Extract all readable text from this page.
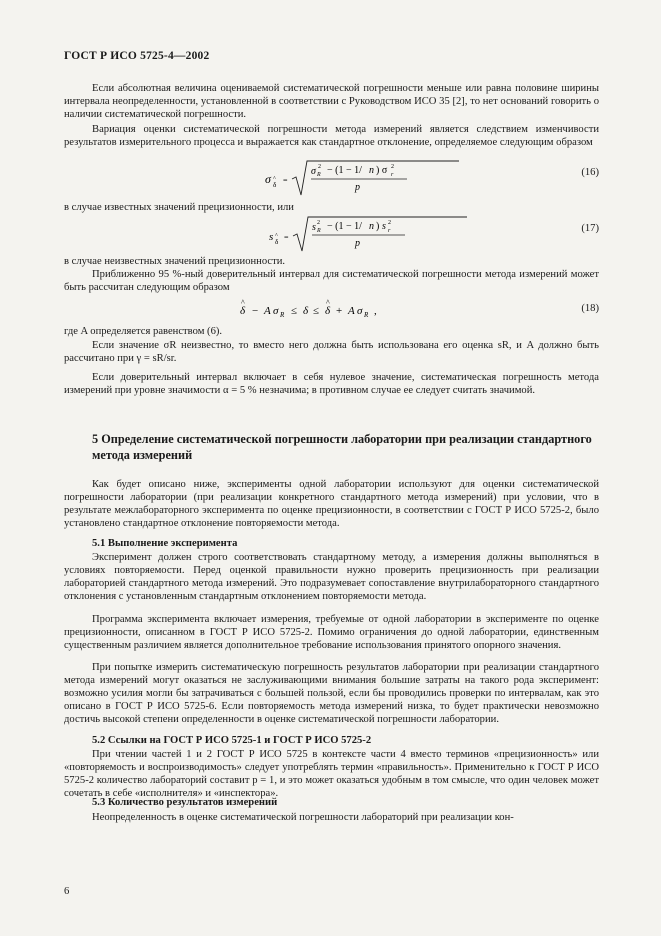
ГОСТ Р ИСО 5725-4—2002
Если абсолютная величина оцениваемой систематической погрешности меньше или равна половине ширины интервала неопределенности, установленной в соответствии с Руководством ИСО 35 [2], то нет оснований говорить о наличии систематической погрешности.
Вариация оценки систематической погрешности метода измерений является следствием изменчивости результатов измерительного процесса и выражается как стандартное отклонение, определяемое следующим образом
σ δ
^ =
σ R
2 − (1 − 1/ n ) σ r
2
p
(16)
в случае известных значений прецизионности, или
s δ
^ =
s R
2 − (1 − 1/ n ) s r
2
p
(17)
в случае неизвестных значений прецизионности.
Приближенно 95 %-ный доверительный интервал для систематической погрешности метода измерений может быть рассчитан следующим образом
δ
^
− A σ R ≤ δ ≤ δ
^
+ A σ R ,	(18)
где A определяется равенством (6).
Если значение σR неизвестно, то вместо него должна быть использована его оценка sR, и A должно быть рассчитано при γ = sR/sr.
Если доверительный интервал включает в себя нулевое значение, систематическая погрешность метода измерений при уровне значимости α = 5 % незначима; в противном случае ее следует считать значимой.
5 Определение систематической погрешности лаборатории при реализации стандартного метода измерений
Как будет описано ниже, эксперименты одной лаборатории используют для оценки систематической погрешности лаборатории (при реализации конкретного стандартного метода измерений) при условии, что в результате межлабораторного эксперимента по оценке прецизионности, в соответствии с ГОСТ Р ИСО 5725-2, было установлено стандартное отклонение повторяемости метода.
5.1 Выполнение эксперимента
Эксперимент должен строго соответствовать стандартному методу, а измерения должны выполняться в условиях повторяемости. Перед оценкой правильности нужно проверить прецизионность при реализации лабораторией стандартного метода измерений. Это подразумевает сопоставление внутрилабораторного стандартного отклонения с установленным стандартным отклонением повторяемости метода.
Программа эксперимента включает измерения, требуемые от одной лаборатории в эксперименте по оценке прецизионности, описанном в ГОСТ Р ИСО 5725-2. Помимо ограничения до одной лаборатории, единственным существенным различием является дополнительное требование использования принятого опорного значения.
При попытке измерить систематическую погрешность результатов лаборатории при реализации стандартного метода измерений могут оказаться не заслуживающими внимания большие затраты на такого рода эксперимент: возможно усилия могли бы затрачиваться с большей пользой, если бы проводились проверки по интервалам, как это описано в ГОСТ Р ИСО 5725-6. Если повторяемость метода измерений низка, то будет практически невозможно достичь высокой степени определенности в оценке систематической погрешности лаборатории.
5.2 Ссылки на ГОСТ Р ИСО 5725-1 и ГОСТ Р ИСО 5725-2
При чтении частей 1 и 2 ГОСТ Р ИСО 5725 в контексте части 4 вместо терминов «прецизионность» или «повторяемость и воспроизводимость» следует употреблять термин «правильность». Применительно к ГОСТ Р ИСО 5725-2 количество лабораторий составит p = 1, и это может оказаться удобным в том смысле, что один человек может сочетать в себе «исполнителя» и «инспектора».
5.3 Количество результатов измерений
Неопределенность в оценке систематической погрешности лабораторий при реализации кон-
6
